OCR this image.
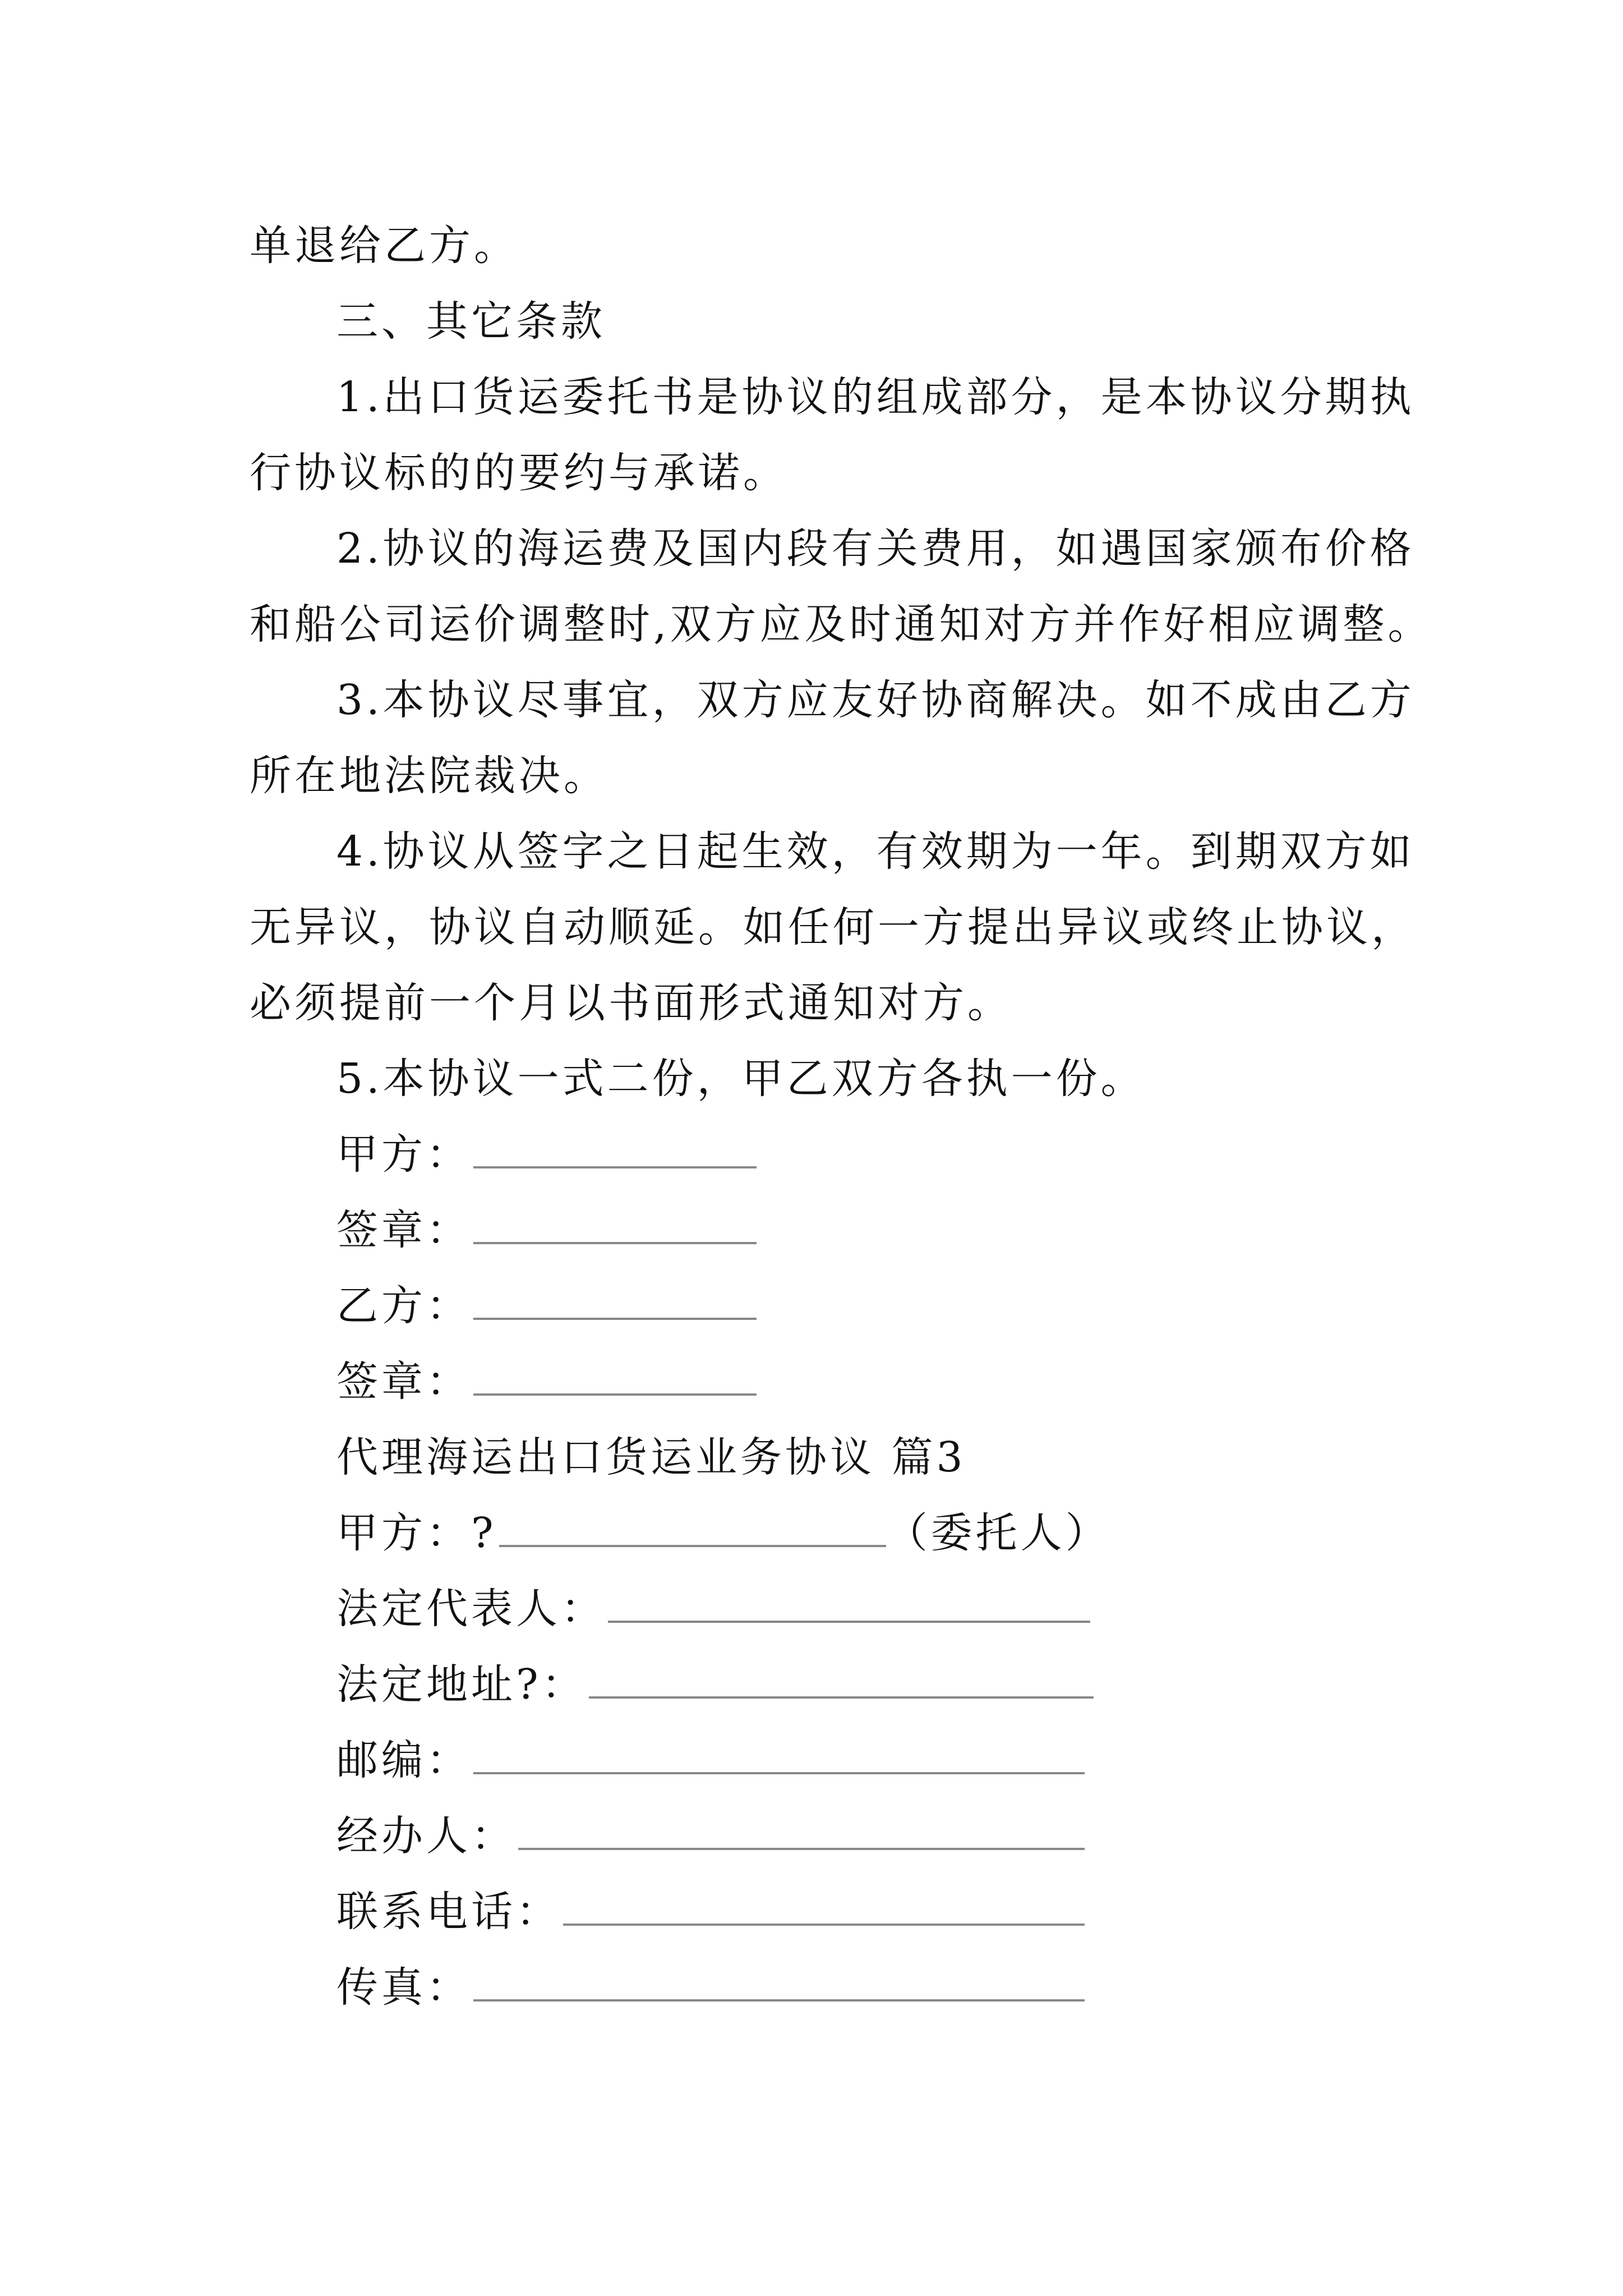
单退给乙方。
三、其它条款
1.出口货运委托书是协议的组成部分，是本协议分期执
行协议标的的要约与承诺。
2.协议的海运费及国内段有关费用，如遇国家颁布价格
和船公司运价调整时,双方应及时通知对方并作好相应调整。
3.本协议尽事宜，双方应友好协商解决。如不成由乙方
所在地法院裁决。
4.协议从签字之日起生效，有效期为一年。到期双方如
无异议，协议自动顺延。如任何一方提出异议或终止协议，
必须提前一个月以书面形式通知对方。
5.本协议一式二份，甲乙双方各执一份。
甲方：
签章：
乙方：
签章：
代理海运出口货运业务协议 篇3
甲方：?	（委托人）
法定代表人：
法定地址?：
邮编：
经办人：
联系电话：
传真：
